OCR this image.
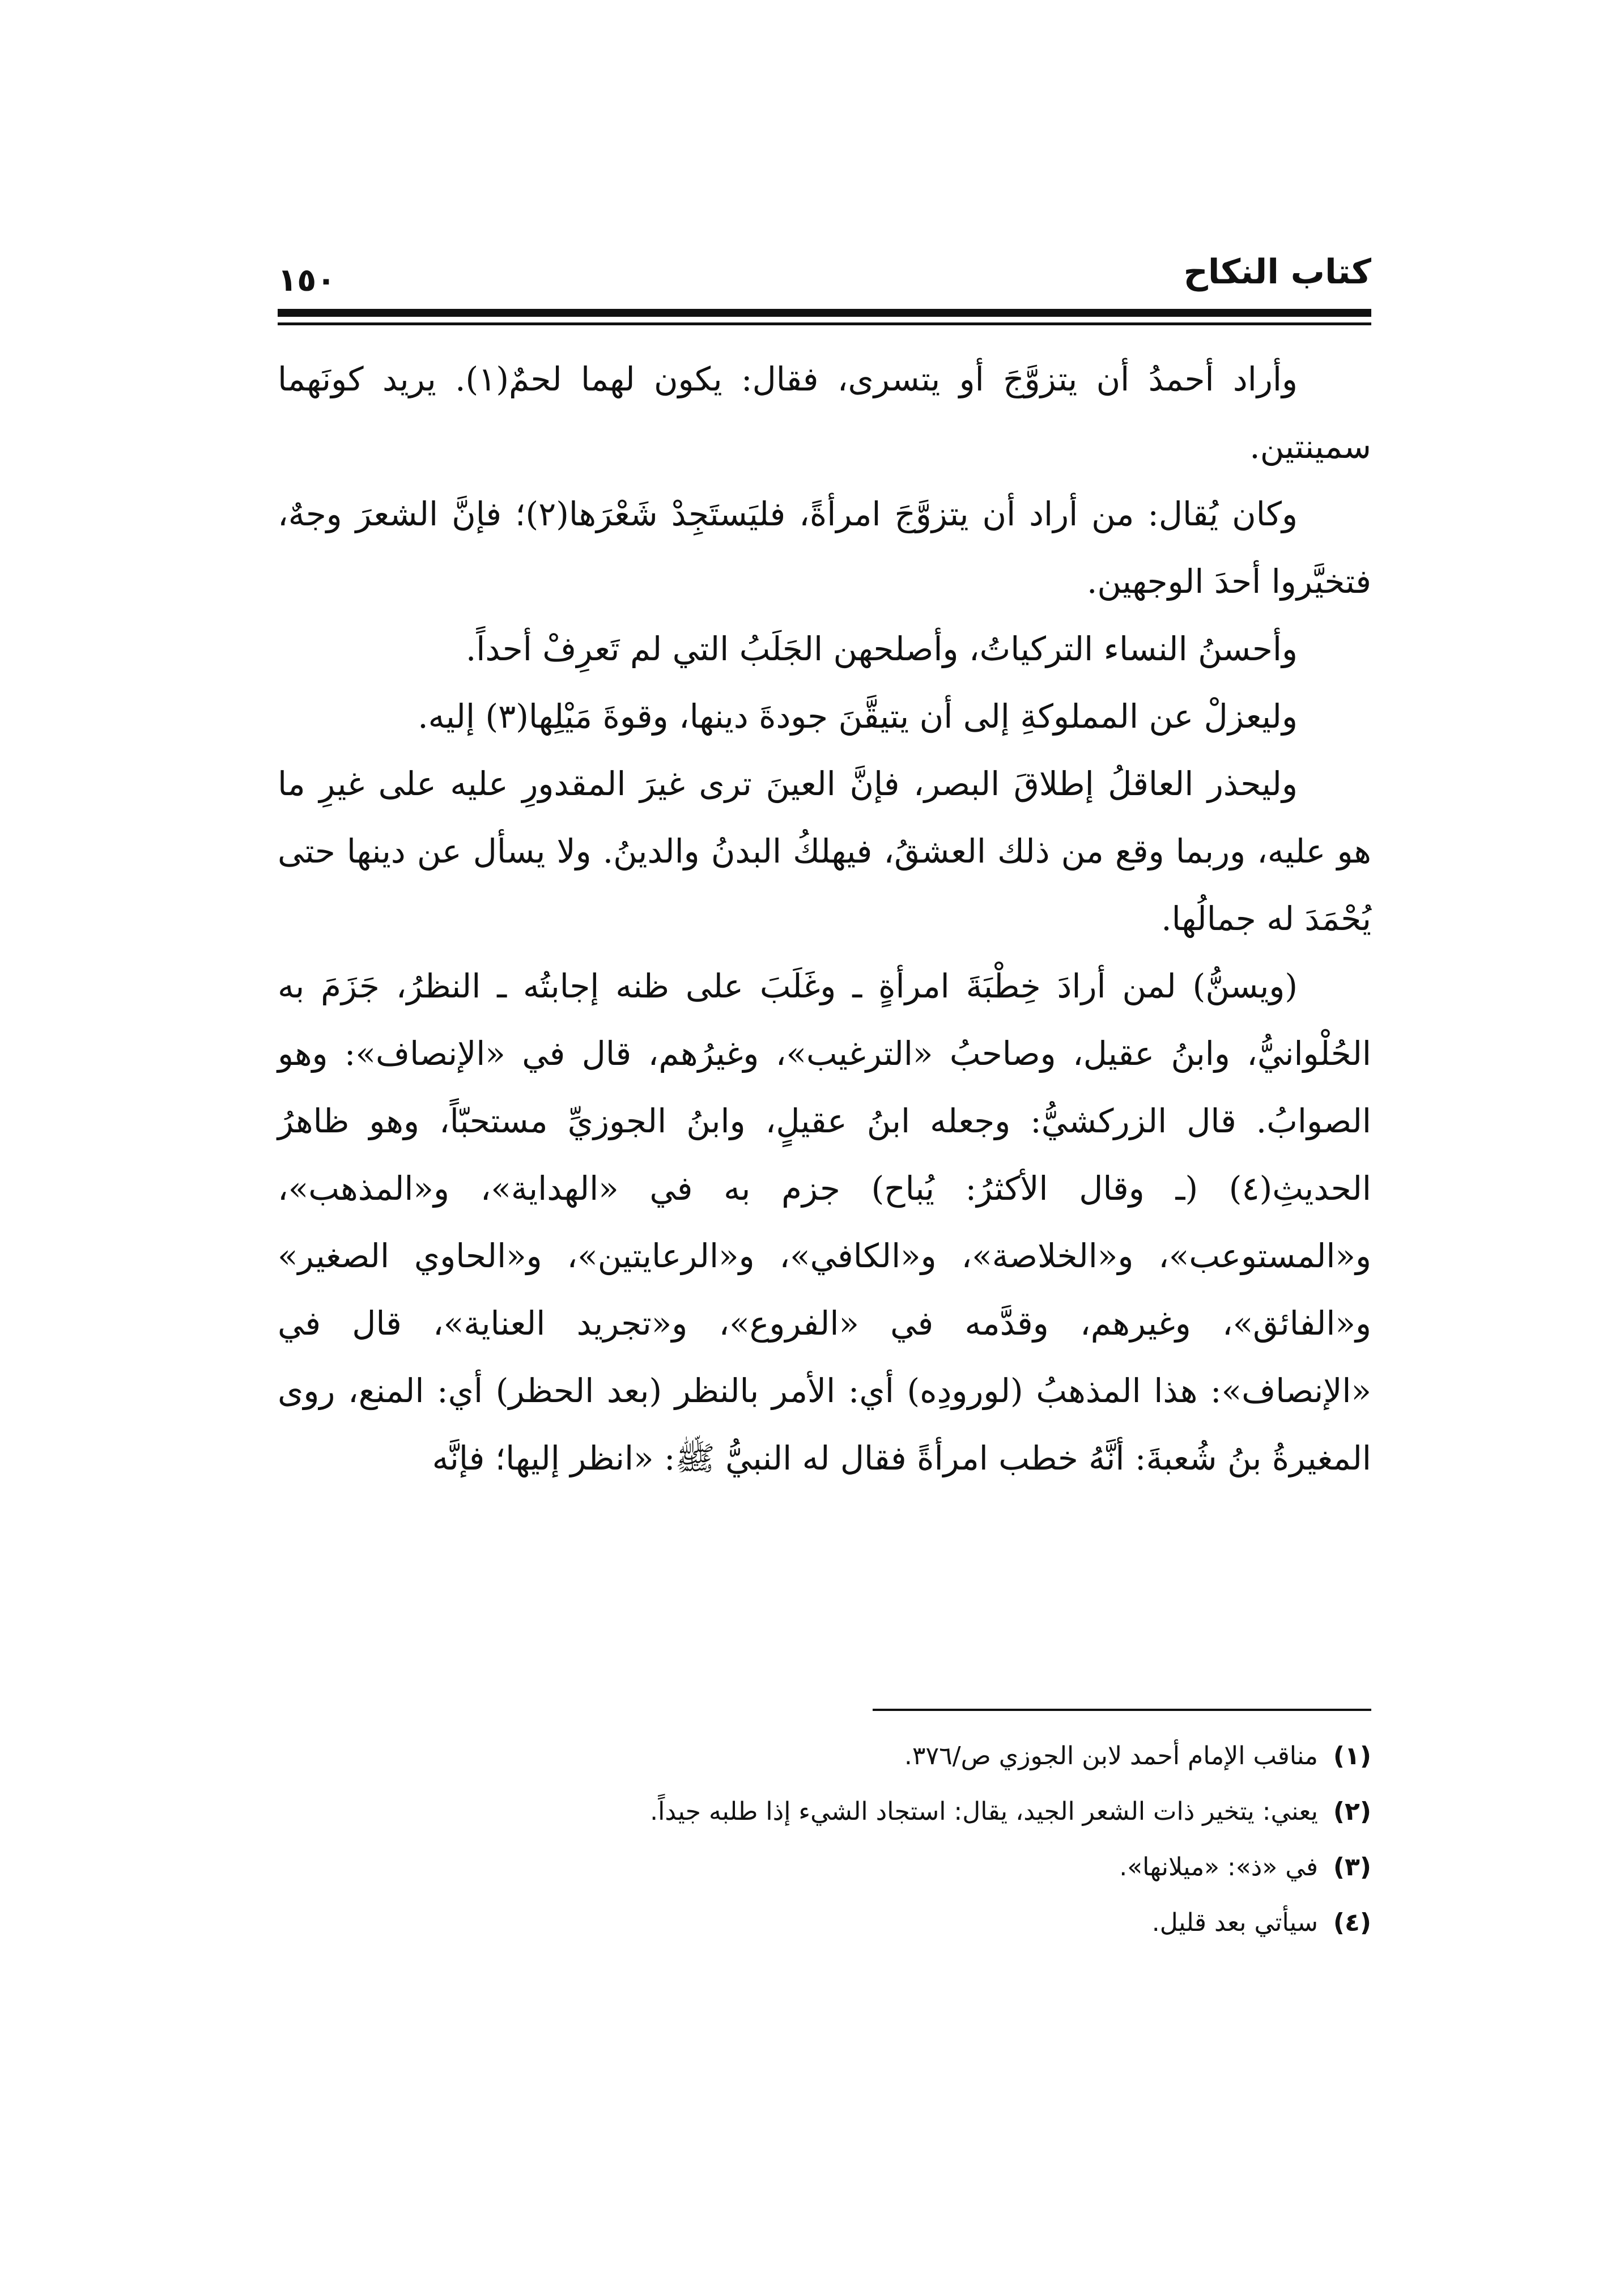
كتاب النكاح
١٥٠

وأراد أحمدُ أن يتزوَّجَ أو يتسرى، فقال: يكون لهما لحمٌ(١). يريد كونَهما سمينتين.

وكان يُقال: من أراد أن يتزوَّجَ امرأةً، فليَستَجِدْ شَعْرَها(٢)؛ فإنَّ الشعرَ وجهٌ، فتخيَّروا أحدَ الوجهين.

وأحسنُ النساء التركياتُ، وأصلحهن الجَلَبُ التي لم تَعرِفْ أحداً.

وليعزلْ عن المملوكةِ إلى أن يتيقَّنَ جودةَ دينها، وقوةَ مَيْلِها(٣) إليه.

وليحذر العاقلُ إطلاقَ البصر، فإنَّ العينَ ترى غيرَ المقدورِ عليه على غيرِ ما هو عليه، وربما وقع من ذلك العشقُ، فيهلكُ البدنُ والدينُ. ولا يسأل عن دينها حتى يُحْمَدَ له جمالُها.

(ويسنُّ) لمن أرادَ خِطْبَةَ امرأةٍ ـ وغَلَبَ على ظنه إجابتُه ـ النظرُ، جَزَمَ به الحُلْوانيُّ، وابنُ عقيل، وصاحبُ «الترغيب»، وغيرُهم، قال في «الإنصاف»: وهو الصوابُ. قال الزركشيُّ: وجعله ابنُ عقيلٍ، وابنُ الجوزيِّ مستحبّاً، وهو ظاهرُ الحديثِ(٤) (ـ وقال الأكثرُ: يُباح) جزم به في «الهداية»، و«المذهب»، و«المستوعب»، و«الخلاصة»، و«الكافي»، و«الرعايتين»، و«الحاوي الصغير» و«الفائق»، وغيرهم، وقدَّمه في «الفروع»، و«تجريد العناية»، قال في «الإنصاف»: هذا المذهبُ (لورودِه) أي: الأمر بالنظر (بعد الحظر) أي: المنع، روى المغيرةُ بنُ شُعبةَ: أنَّهُ خطب امرأةً فقال له النبيُّ ﷺ: «انظر إليها؛ فإنَّه

(١) مناقب الإمام أحمد لابن الجوزي ص/٣٧٦.

(٢) يعني: يتخير ذات الشعر الجيد، يقال: استجاد الشيء إذا طلبه جيداً.

(٣) في «ذ»: «ميلانها».

(٤) سيأتي بعد قليل.
